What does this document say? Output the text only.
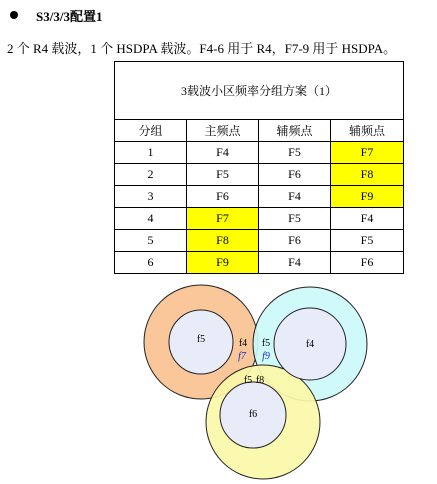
S3/3/3配置1
2 个 R4 载波，1 个 HSDPA 载波。F4-6 用于 R4，F7-9 用于 HSDPA。
3载波小区频率分组方案（1）			
分组	主频点	辅频点	辅频点
1	F4	F5	F7
2	F5	F6	F8
3	F6	F4	F9
4	F7	F5	F4
5	F8	F6	F5
6	F9	F4	F6
f5	f4
f6
f4
f7
f5
f9
f5 f8
